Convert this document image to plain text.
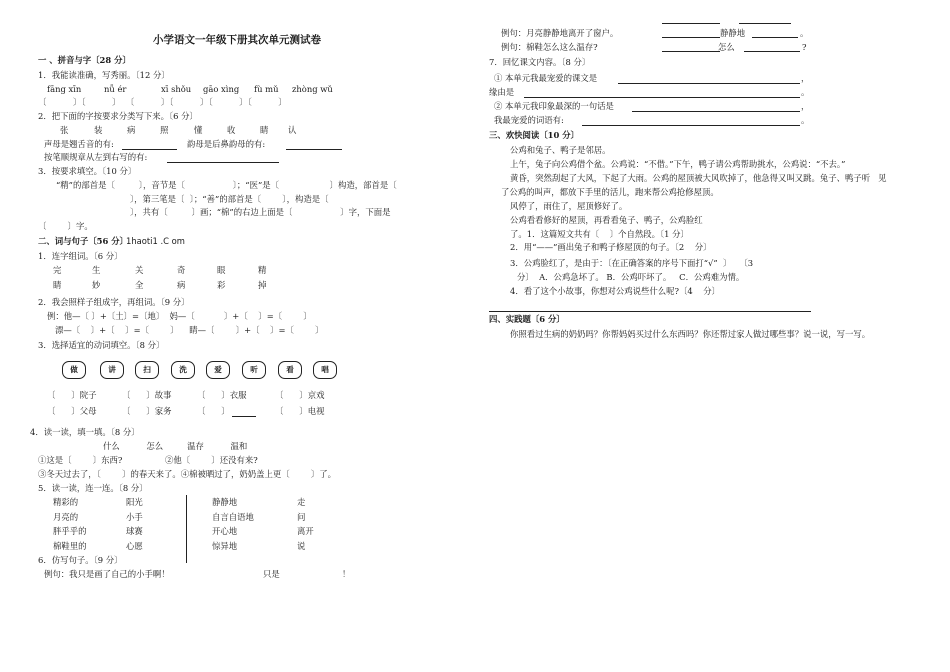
小学语文一年级下册其次单元测试卷
一 、拼音与字〔28 分〕
1．我能读准确，写秀丽。〔12 分〕
fāng xīn	nǚ ér	xī shǒu gāo xìng fù mǔ zhòng wǔ
〔          〕〔          〕  〔          〕〔          〕〔          〕〔          〕
2．把下面的字按要求分类写下来。〔6 分〕
张	装	病	照	懂	收	睛 认
声母是翘舌音的有:	韵母是后鼻韵母的有:
按笔顺规章从左到右写的有:
3．按要求填空。〔10 分〕
“精”的部首是〔         〕，音节是〔                  〕；“医”是〔                   〕构造，部首是〔
〕，第三笔是〔  〕；“善”的部首是〔        〕，构造是〔
〕，共有〔         〕画；“棉”的右边上面是〔                  〕字，下面是
〔        〕字。
二、词与句子〔56 分〕
1haoti1 .C om
1．连字组词。〔6 分〕
完	生	关	奇	眼	精
睛	妙	全	病	彩	掉
2．我会照样子组成字，再组词。〔9 分〕
例：他—〔 〕+〔土〕=〔地〕  妈—〔           〕+〔    〕=〔        〕
漂—〔    〕+〔    〕=〔        〕    睛—〔        〕+〔    〕=〔        〕
3．选择适宜的动词填空。〔8 分〕
做	讲	扫	洗	爱	听	看	唱
〔      〕院子	〔      〕故事	〔      〕衣服	〔      〕京戏
〔      〕父母	〔      〕家务	〔      〕	〔      〕电视
4．读一读，填一填。〔8 分〕
什么          怎么         温存          温和
①这是〔        〕东西?                ②他〔        〕还没有来?
③冬天过去了，〔        〕的春天来了。④棉被晒过了，奶奶盖上更〔        〕了。
5．读一读，连一连。〔8 分〕
精彩的
月亮的
胖乎乎的
棉鞋里的
阳光
小手
球赛
心愿
静静地
自言自语地
开心地
惊异地
走
问
离开
说
6．仿写句子。〔9 分〕
例句：我只是画了自己的小手啊！	只是	！
例句：月亮静静地离开了窗户。	静静地	。
例句：棉鞋怎么这么温存?	怎么	?
7．回忆课文内容。〔8 分〕
① 本单元我最宠爱的课文是	，
缘由是	。
② 本单元我印象最深的一句话是	，
我最宠爱的词语有:	。
三、欢快阅读〔10 分〕
公鸡和兔子、鸭子是邻居。
上午，兔子向公鸡借个盆。公鸡说：“不借。”下午，鸭子请公鸡帮助挑水，公鸡说：“不去。”
黄昏，突然刮起了大风，下起了大雨。公鸡的屋顶被大风吹掉了，他急得又叫又跳。兔子、鸭子听   见
了公鸡的叫声，都放下手里的活儿，跑来帮公鸡抢修屋顶。
风停了，雨住了，屋顶修好了。
公鸡看看修好的屋顶，再看看兔子、鸭子，公鸡脸红
了。1．这篇短文共有〔    〕个自然段。〔1 分〕
2．用“——”画出兔子和鸭子修屋顶的句子。〔2    分〕
3．公鸡脸红了，是由于：〔在正确答案的序号下面打“√”  〕   〔3
分〕  A．公鸡急坏了。 B．公鸡吓坏了。   C．公鸡难为情。
4．看了这个小故事，你想对公鸡说些什么呢?〔4    分〕
四、实践题〔6 分〕
你照看过生病的奶奶吗？你帮妈妈买过什么东西吗？你还帮过家人做过哪些事？说一说，写一写。
